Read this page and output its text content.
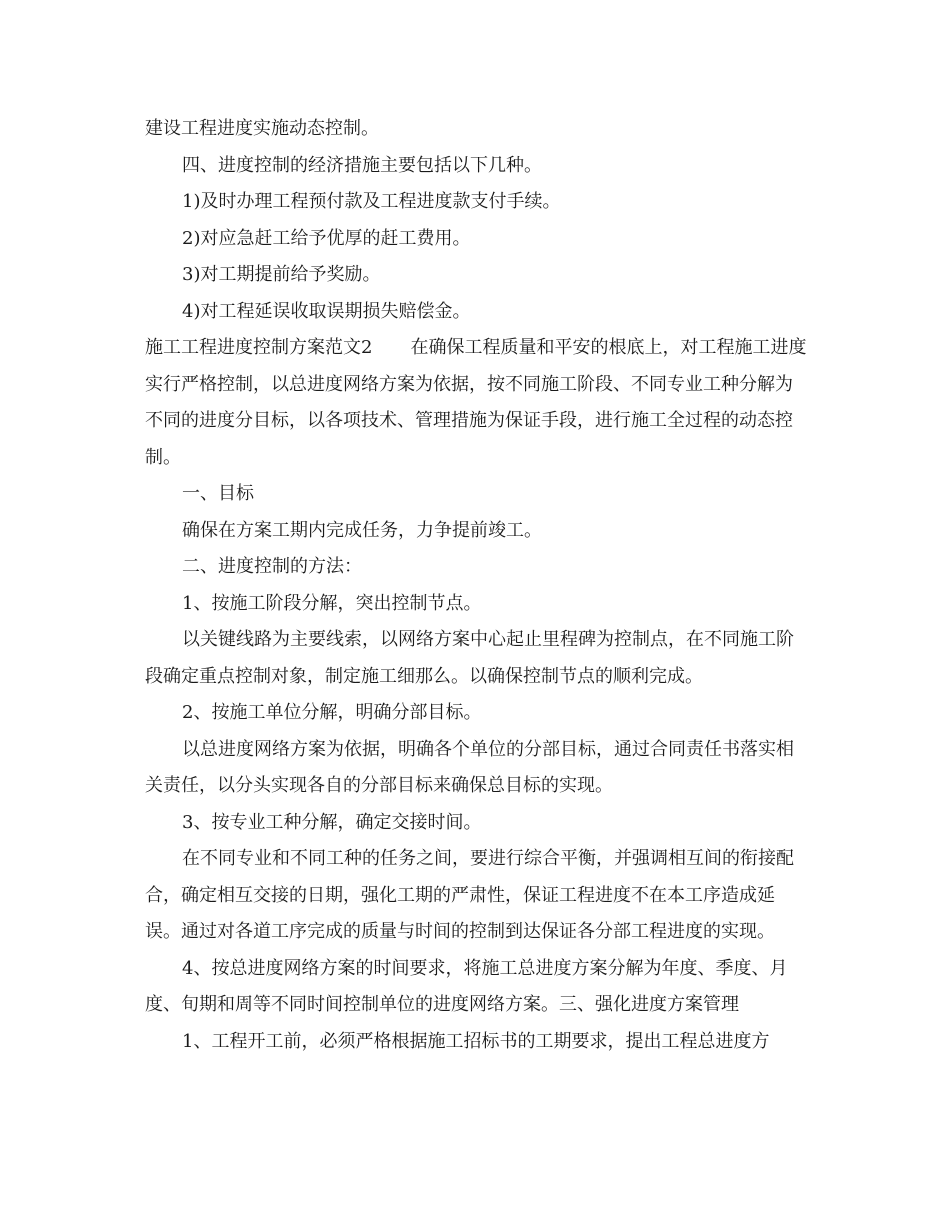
建设工程进度实施动态控制。

四、进度控制的经济措施主要包括以下几种。

1)及时办理工程预付款及工程进度款支付手续。

2)对应急赶工给予优厚的赶工费用。

3)对工期提前给予奖励。

4)对工程延误收取误期损失赔偿金。

施工工程进度控制方案范文2 在确保工程质量和平安的根底上，对工程施工进度实行严格控制，以总进度网络方案为依据，按不同施工阶段、不同专业工种分解为不同的进度分目标，以各项技术、管理措施为保证手段，进行施工全过程的动态控制。

一、目标

确保在方案工期内完成任务，力争提前竣工。

二、进度控制的方法：

1、按施工阶段分解，突出控制节点。

以关键线路为主要线索，以网络方案中心起止里程碑为控制点，在不同施工阶段确定重点控制对象，制定施工细那么。以确保控制节点的顺利完成。

2、按施工单位分解，明确分部目标。

以总进度网络方案为依据，明确各个单位的分部目标，通过合同责任书落实相关责任，以分头实现各自的分部目标来确保总目标的实现。

3、按专业工种分解，确定交接时间。

在不同专业和不同工种的任务之间，要进行综合平衡，并强调相互间的衔接配合，确定相互交接的日期，强化工期的严肃性，保证工程进度不在本工序造成延误。通过对各道工序完成的质量与时间的控制到达保证各分部工程进度的实现。

4、按总进度网络方案的时间要求，将施工总进度方案分解为年度、季度、月度、旬期和周等不同时间控制单位的进度网络方案。三、强化进度方案管理

1、工程开工前，必须严格根据施工招标书的工期要求，提出工程总进度方
